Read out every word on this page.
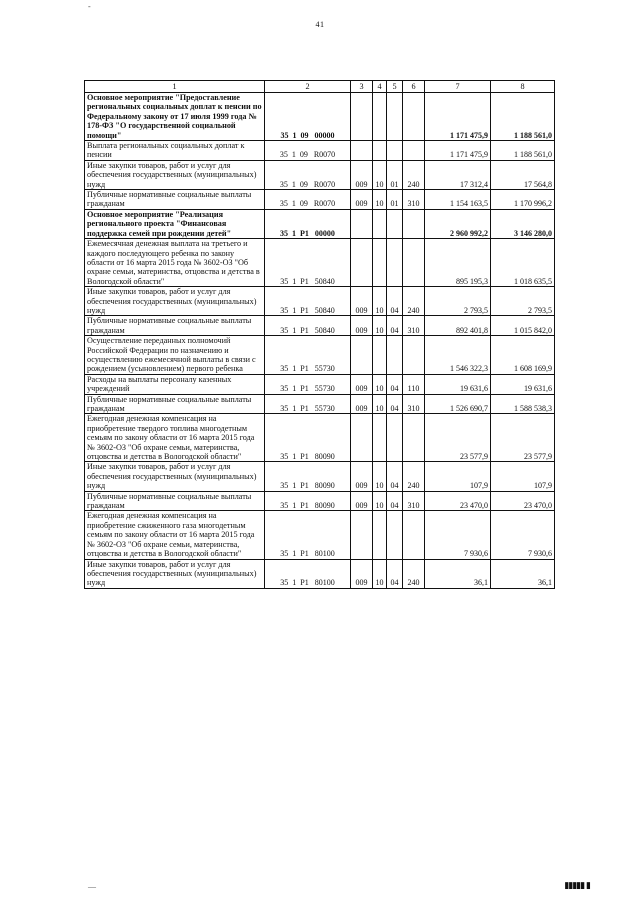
-
41
1	2	3	4	5	6	7	8
Основное мероприятие "Предоставление региональных социальных доплат к пенсии по Федеральному закону от 17 июля 1999 года № 178-ФЗ "О государственной социальной помощи"	35  1  09   00000					1 171 475,9	1 188 561,0
Выплата региональных социальных доплат к пенсии	35  1  09   R0070					1 171 475,9	1 188 561,0
Иные закупки товаров, работ и услуг для обеспечения государственных (муниципальных) нужд	35  1  09   R0070	009	10	01	240	17 312,4	17 564,8
Публичные нормативные социальные выплаты гражданам	35  1  09   R0070	009	10	01	310	1 154 163,5	1 170 996,2
Основное мероприятие "Реализация регионального проекта "Финансовая поддержка семей при рождении детей"	35  1  P1   00000					2 960 992,2	3 146 280,0
Ежемесячная денежная выплата на третьего и каждого последующего ребенка по закону области от 16 марта 2015 года № 3602-ОЗ "Об охране семьи, материнства, отцовства и детства в Вологодской области"	35  1  P1   50840					895 195,3	1 018 635,5
Иные закупки товаров, работ и услуг для обеспечения государственных (муниципальных) нужд	35  1  P1   50840	009	10	04	240	2 793,5	2 793,5
Публичные нормативные социальные выплаты гражданам	35  1  P1   50840	009	10	04	310	892 401,8	1 015 842,0
Осуществление переданных полномочий Российской Федерации по назначению и осуществлению ежемесячной выплаты в связи с рождением (усыновлением) первого ребенка	35  1  P1   55730					1 546 322,3	1 608 169,9
Расходы на выплаты персоналу казенных учреждений	35  1  P1   55730	009	10	04	110	19 631,6	19 631,6
Публичные нормативные социальные выплаты гражданам	35  1  P1   55730	009	10	04	310	1 526 690,7	1 588 538,3
Ежегодная денежная компенсация на приобретение твердого топлива многодетным семьям по закону области от 16 марта 2015 года № 3602-ОЗ "Об охране семьи, материнства, отцовства и детства в Вологодской области"	35  1  P1   80090					23 577,9	23 577,9
Иные закупки товаров, работ и услуг для обеспечения государственных (муниципальных) нужд	35  1  P1   80090	009	10	04	240	107,9	107,9
Публичные нормативные социальные выплаты гражданам	35  1  P1   80090	009	10	04	310	23 470,0	23 470,0
Ежегодная денежная компенсация на приобретение сжиженного газа многодетным семьям по закону области от 16 марта 2015 года № 3602-ОЗ "Об охране семьи, материнства, отцовства и детства в Вологодской области"	35  1  P1   80100					7 930,6	7 930,6
Иные закупки товаров, работ и услуг для обеспечения государственных (муниципальных) нужд	35  1  P1   80100	009	10	04	240	36,1	36,1
—	▮▮▮▮▮ ▮
